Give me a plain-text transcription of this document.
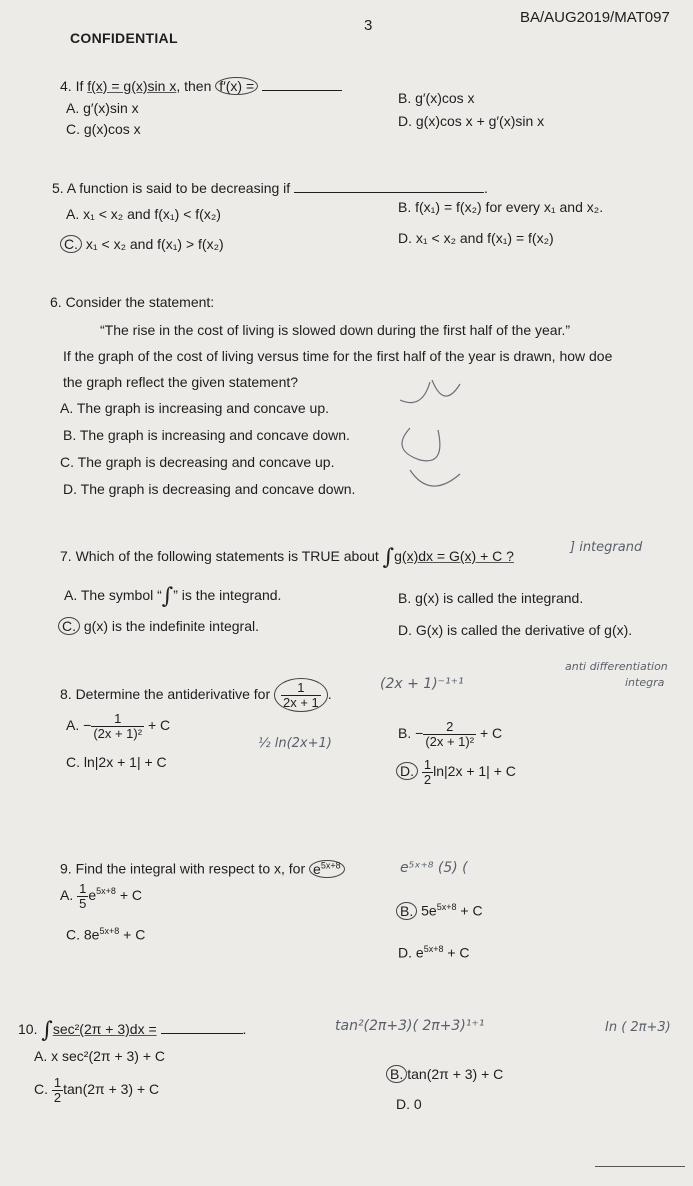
CONFIDENTIAL
3	BA/AUG2019/MAT097
4. If f(x) = g(x)sin x, then f′(x) =
A. g′(x)sin x
B. g′(x)cos x
C. g(x)cos x	D. g(x)cos x + g′(x)sin x
5. A function is said to be decreasing if	.
A. x₁ < x₂ and f(x₁) < f(x₂)	B. f(x₁) = f(x₂) for every x₁ and x₂.
C. x₁ < x₂ and f(x₁) > f(x₂)	D. x₁ < x₂ and f(x₁) = f(x₂)
6. Consider the statement:
“The rise in the cost of living is slowed down during the first half of the year.”
If the graph of the cost of living versus time for the first half of the year is drawn, how doe
the graph reflect the given statement?
A. The graph is increasing and concave up.
B. The graph is increasing and concave down.
C. The graph is decreasing and concave up.
D. The graph is decreasing and concave down.
7. Which of the following statements is TRUE about ∫g(x)dx = G(x) + C ?
] integrand
A. The symbol “∫” is the integrand.	B. g(x) is called the integrand.
C. g(x) is the indefinite integral.	D. G(x) is called the derivative of g(x).
8. Determine the antiderivative for $\frac{1}{2x + 1}$ .
(2x + 1)⁻¹⁺¹
anti differentiation
integra
A. − $\frac{1}{\text{(2x + 1)²}} + C$	B. − $\frac{2}{\text{(2x + 1)²}} + C$
½ ln(2x+1)
C. ln|2x + 1| + C
D. $\frac{1}{2} \ln|2x + 1| + C$
9. Find the integral with respect to x, for $e^{5x+8}$	e⁵ˣ⁺⁸ (5) (
A. $\frac{1}{5} e^{5x+8} + C$
B. $5e^{5x+8} + C$
C. $8e^{5x+8} + C$
D. $e^{5x+8} + C$
10. ∫sec²(2π + 3)dx =	.	tan²(2π+3)( 2π+3)¹⁺¹	In ( 2π+3)
A. x sec²(2π + 3) + C
B. tan(2π + 3) + C
C. $\frac{1}{2} \tan(2\pi + 3) + C$
D. 0
